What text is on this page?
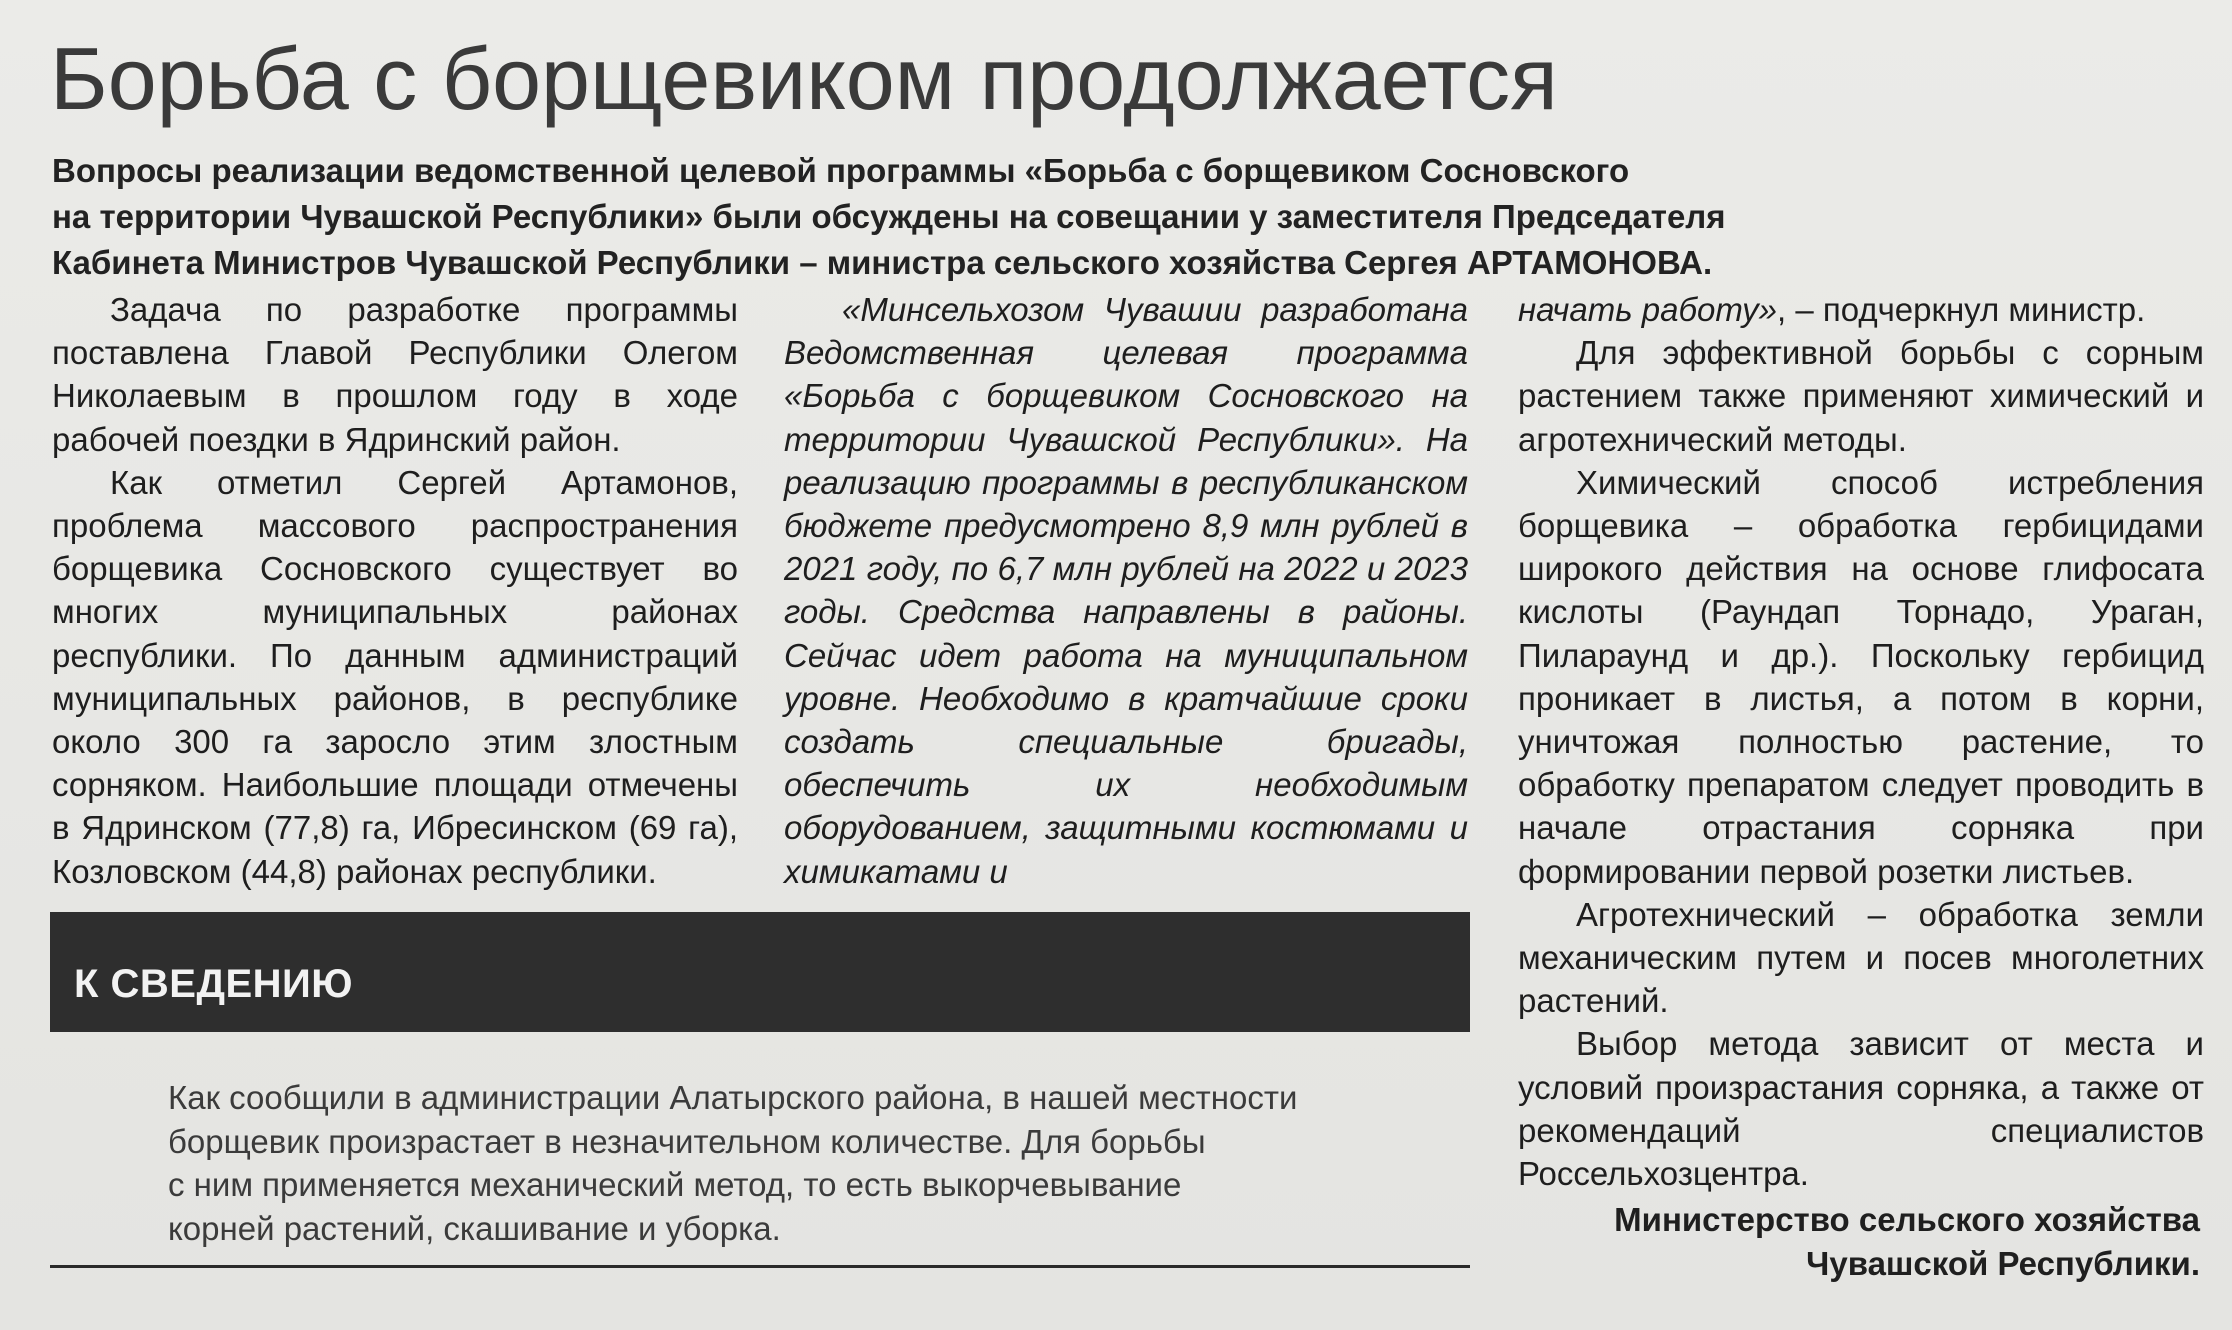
Борьба с борщевиком продолжается
Вопросы реализации ведомственной целевой программы «Борьба с борщевиком Сосновского
на территории Чувашской Республики» были обсуждены на совещании у заместителя Председателя
Кабинета Министров Чувашской Республики – министра сельского хозяйства Сергея АРТАМОНОВА.

Задача по разработке программы поставлена Главой Республики Олегом Николаевым в прошлом году в ходе рабочей поездки в Ядринский район.

Как отметил Сергей Артамонов, проблема массового распространения борщевика Сосновского существует во многих муниципальных районах республики. По данным администраций муниципальных районов, в республике около 300 га заросло этим злостным сорняком. Наибольшие площади отмечены в Ядринском (77,8) га, Ибресинском (69 га), Козловском (44,8) районах республики.

«Минсельхозом Чувашии разработана Ведомственная целевая программа «Борьба с борщевиком Сосновского на территории Чувашской Республики». На реализацию программы в республиканском бюджете предусмотрено 8,9 млн рублей в 2021 году, по 6,7 млн рублей на 2022 и 2023 годы. Средства направлены в районы. Сейчас идет работа на муниципальном уровне. Необходимо в кратчайшие сроки создать специальные бригады, обеспечить их необходимым оборудованием, защитными костюмами и химикатами и

начать работу», – подчеркнул министр.

Для эффективной борьбы с сорным растением также применяют химический и агротехнический методы.

Химический способ истребления борщевика – обработка гербицидами широкого действия на основе глифосата кислоты (Раундап Торнадо, Ураган, Пилараунд и др.). Поскольку гербицид проникает в листья, а потом в корни, уничтожая полностью растение, то обработку препаратом следует проводить в начале отрастания сорняка при формировании первой розетки листьев.

Агротехнический – обработка земли механическим путем и посев многолетних растений.

Выбор метода зависит от места и условий произрастания сорняка, а также от рекомендаций специалистов Россельхозцентра.

Министерство сельского хозяйства
Чувашской Республики.
К СВЕДЕНИЮ
Как сообщили в администрации Алатырского района, в нашей местности
борщевик произрастает в незначительном количестве. Для борьбы
с ним применяется механический метод, то есть выкорчевывание
корней растений, скашивание и уборка.
